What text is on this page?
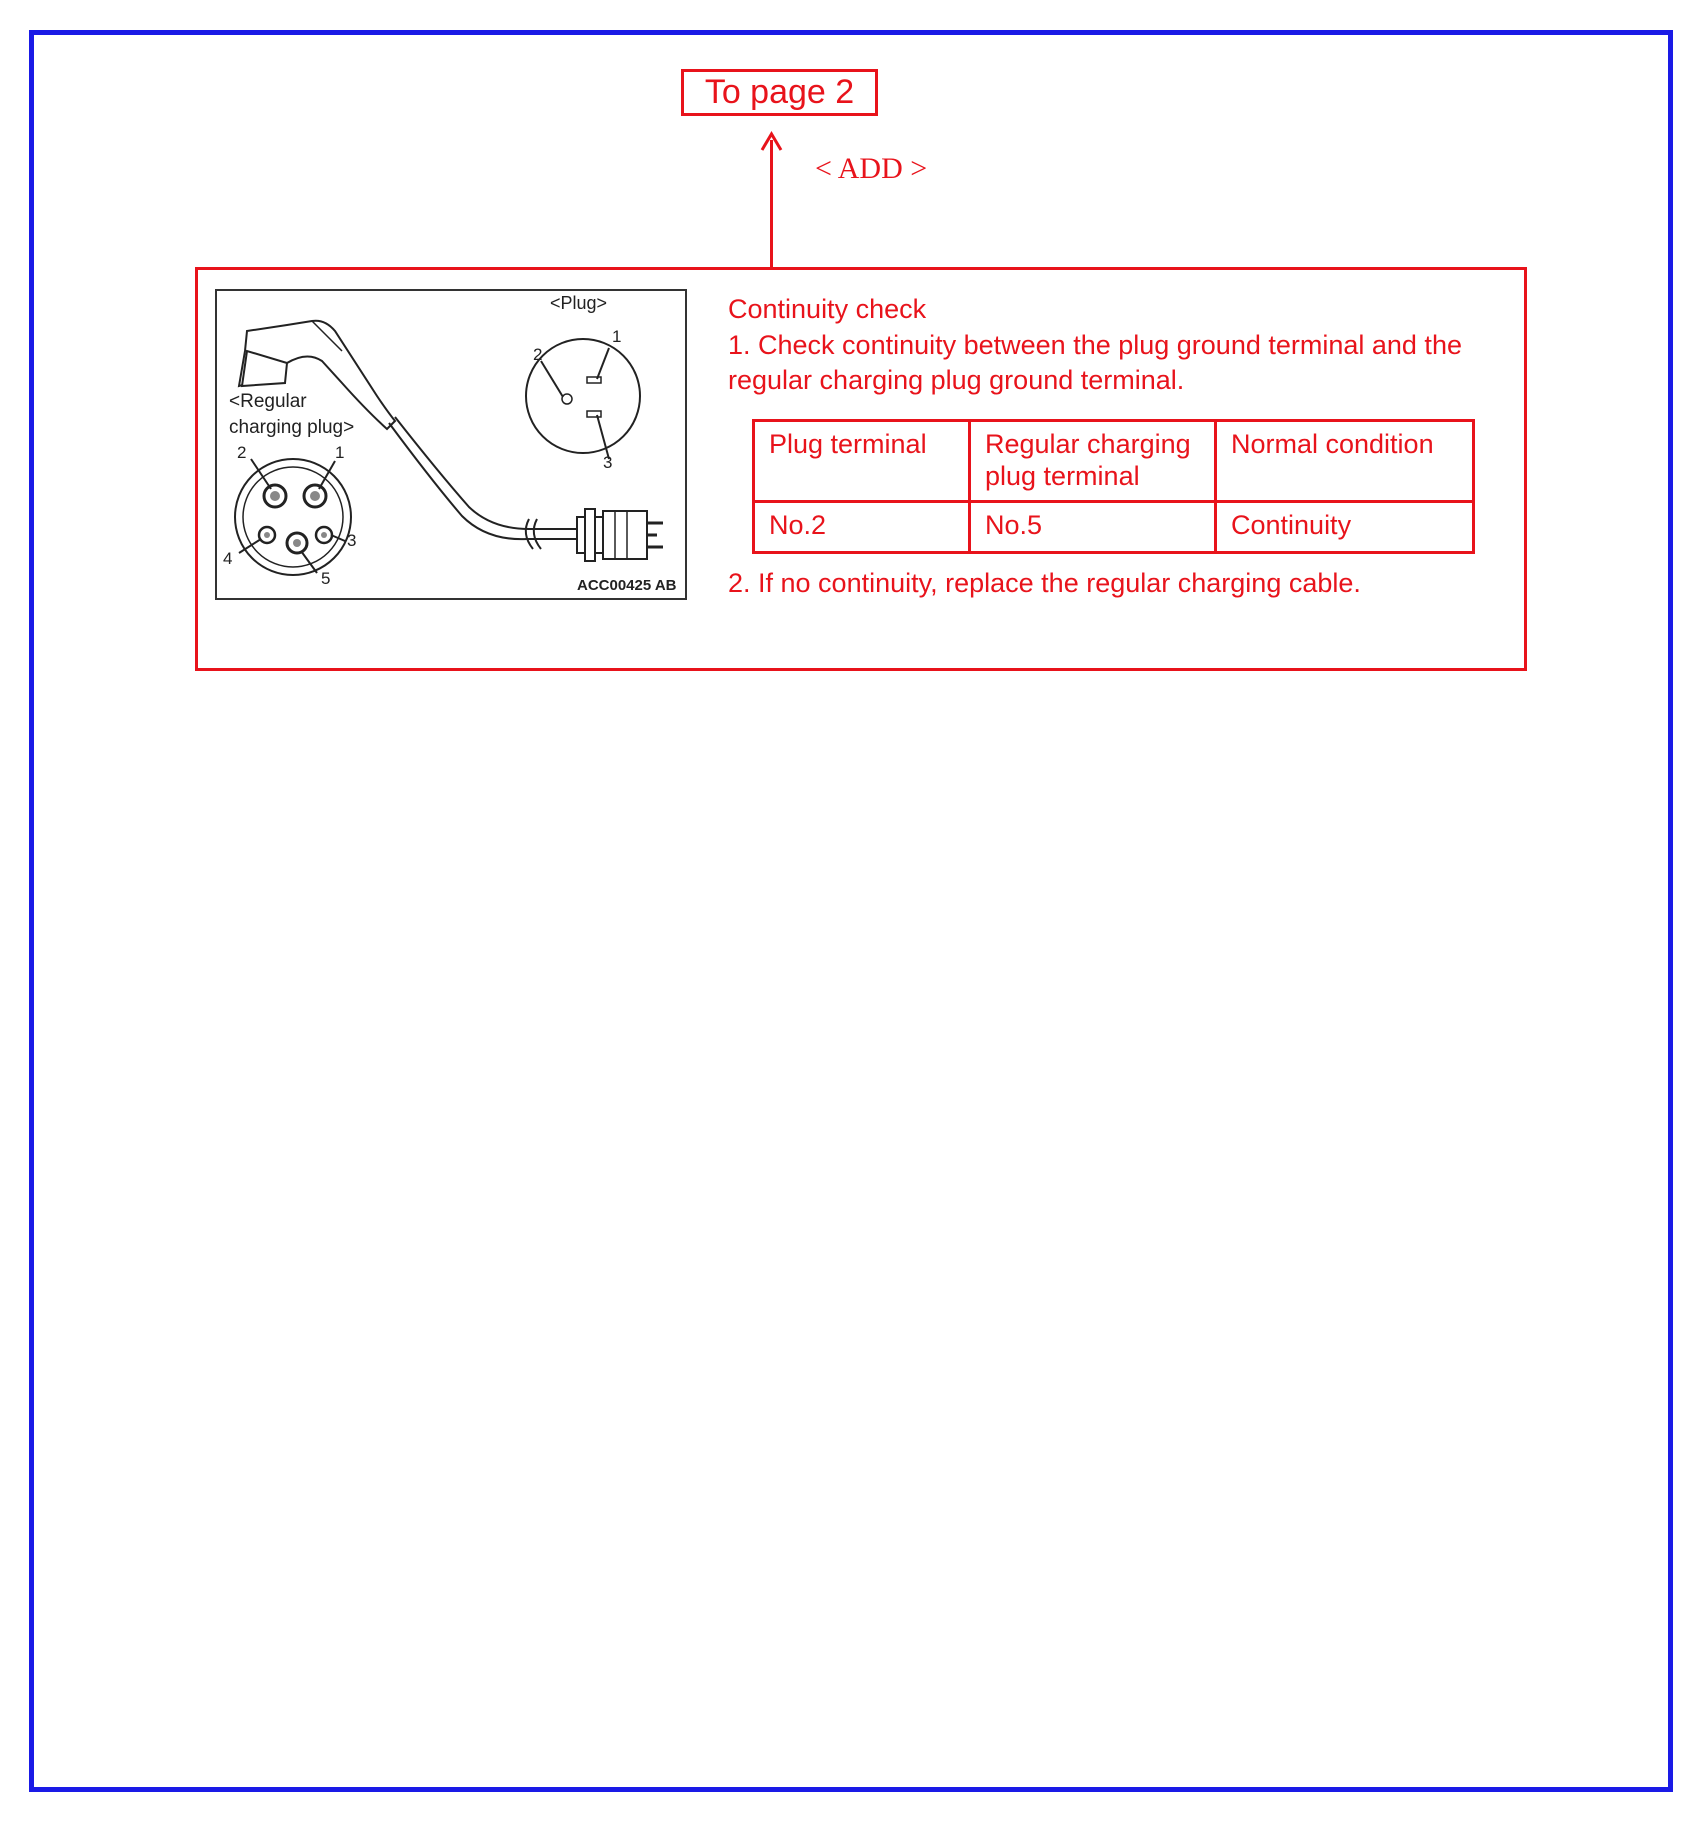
To page 2
< ADD >
<Plug>
<Regular
charging plug>
1
2
3
1
2
3
4
5	ACC00425 AB
Continuity check
1. Check continuity between the plug ground terminal and the regular charging plug ground terminal.
Plug terminal	Regular charging plug terminal	Normal condition
No.2	No.5	Continuity
2. If no continuity, replace the regular charging cable.
